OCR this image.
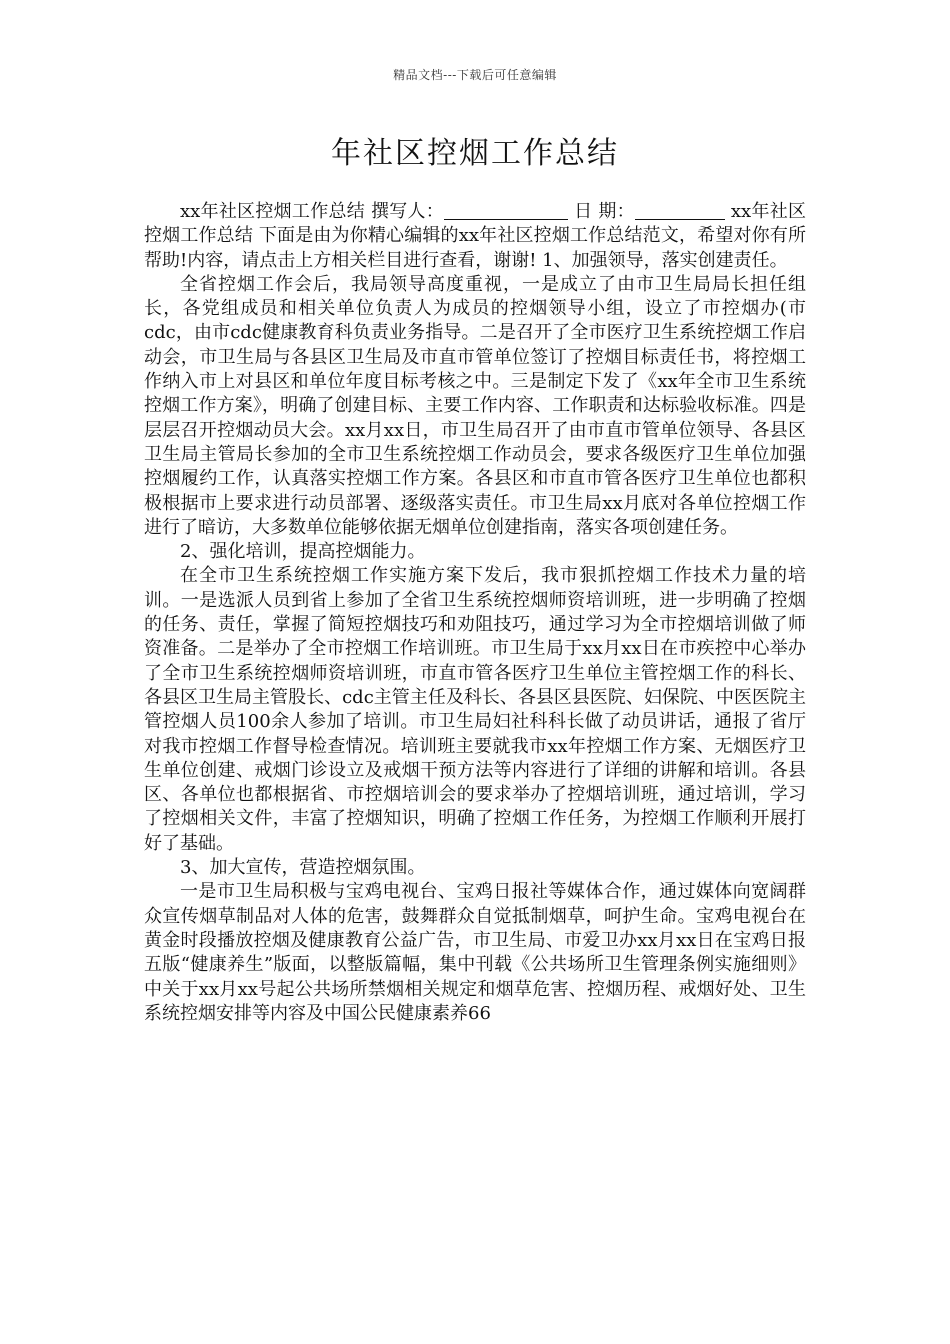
精品文档---下载后可任意编辑
年社区控烟工作总结

xx年社区控烟工作总结 撰写人：	日 期：	xx年社区控烟工作总结 下面是由为你精心编辑的xx年社区控烟工作总结范文，希望对你有所帮助!内容，请点击上方相关栏目进行查看，谢谢! 1、加强领导，落实创建责任。

全省控烟工作会后，我局领导高度重视，一是成立了由市卫生局局长担任组长，各党组成员和相关单位负责人为成员的控烟领导小组，设立了市控烟办(市cdc，由市cdc健康教育科负责业务指导。二是召开了全市医疗卫生系统控烟工作启动会，市卫生局与各县区卫生局及市直市管单位签订了控烟目标责任书，将控烟工作纳入市上对县区和单位年度目标考核之中。三是制定下发了《xx年全市卫生系统控烟工作方案》，明确了创建目标、主要工作内容、工作职责和达标验收标准。四是层层召开控烟动员大会。xx月xx日，市卫生局召开了由市直市管单位领导、各县区卫生局主管局长参加的全市卫生系统控烟工作动员会，要求各级医疗卫生单位加强控烟履约工作，认真落实控烟工作方案。各县区和市直市管各医疗卫生单位也都积极根据市上要求进行动员部署、逐级落实责任。市卫生局xx月底对各单位控烟工作进行了暗访，大多数单位能够依据无烟单位创建指南，落实各项创建任务。

2、强化培训，提高控烟能力。

在全市卫生系统控烟工作实施方案下发后，我市狠抓控烟工作技术力量的培训。一是选派人员到省上参加了全省卫生系统控烟师资培训班，进一步明确了控烟的任务、责任，掌握了简短控烟技巧和劝阻技巧，通过学习为全市控烟培训做了师资准备。二是举办了全市控烟工作培训班。市卫生局于xx月xx日在市疾控中心举办了全市卫生系统控烟师资培训班，市直市管各医疗卫生单位主管控烟工作的科长、各县区卫生局主管股长、cdc主管主任及科长、各县区县医院、妇保院、中医医院主管控烟人员100余人参加了培训。市卫生局妇社科科长做了动员讲话，通报了省厅对我市控烟工作督导检查情况。培训班主要就我市xx年控烟工作方案、无烟医疗卫生单位创建、戒烟门诊设立及戒烟干预方法等内容进行了详细的讲解和培训。各县区、各单位也都根据省、市控烟培训会的要求举办了控烟培训班，通过培训，学习了控烟相关文件，丰富了控烟知识，明确了控烟工作任务，为控烟工作顺利开展打好了基础。

3、加大宣传，营造控烟氛围。

一是市卫生局积极与宝鸡电视台、宝鸡日报社等媒体合作，通过媒体向宽阔群众宣传烟草制品对人体的危害，鼓舞群众自觉抵制烟草，呵护生命。宝鸡电视台在黄金时段播放控烟及健康教育公益广告，市卫生局、市爱卫办xx月xx日在宝鸡日报五版“健康养生”版面，以整版篇幅，集中刊载《公共场所卫生管理条例实施细则》中关于xx月xx号起公共场所禁烟相关规定和烟草危害、控烟历程、戒烟好处、卫生系统控烟安排等内容及中国公民健康素养66
